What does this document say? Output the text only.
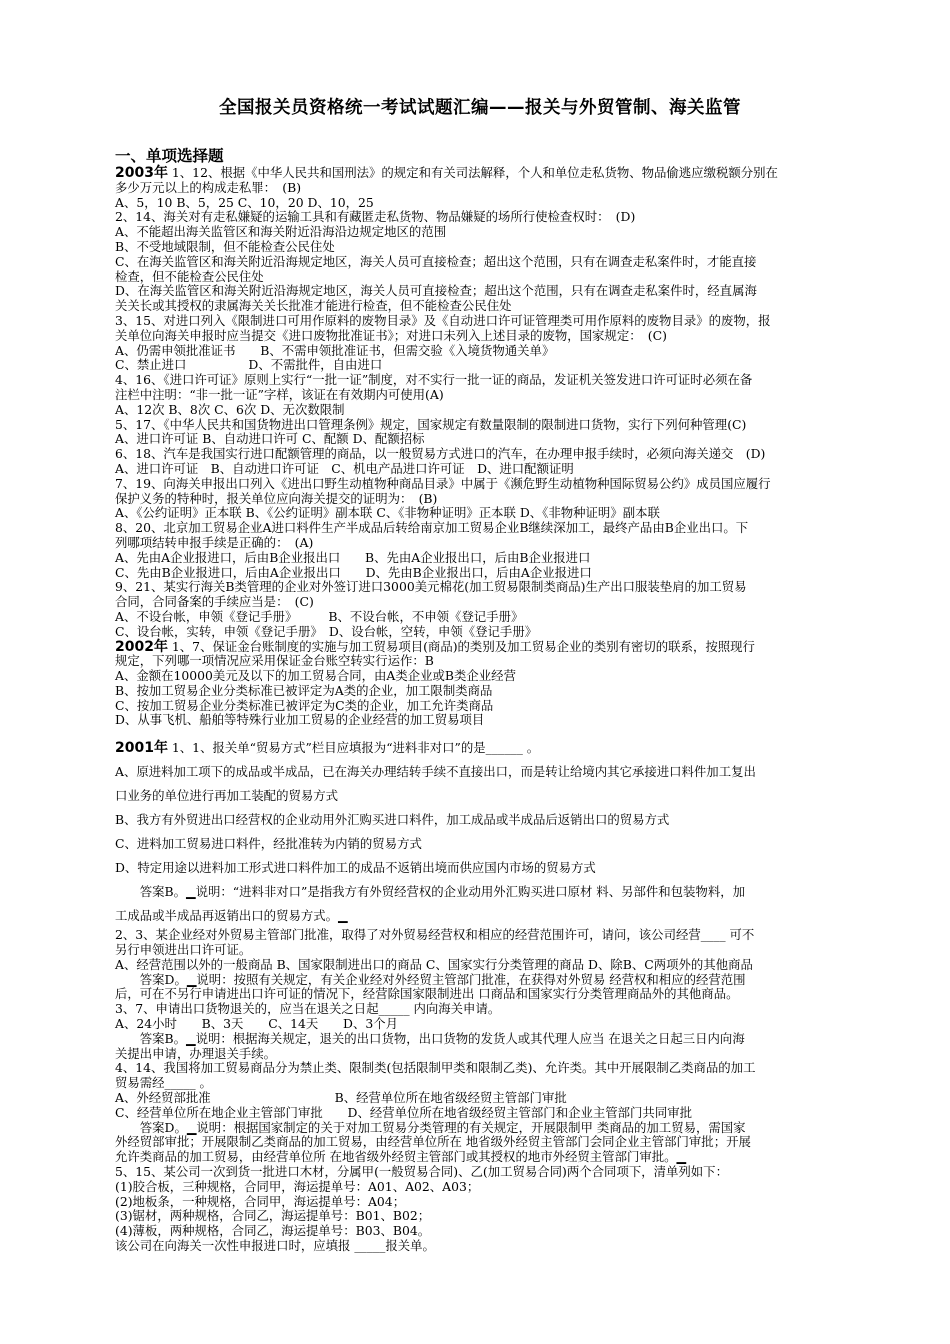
全国报关员资格统一考试试题汇编——报关与外贸管制、海关监管
一、单项选择题
2003年 1、12、根据《中华人民共和国刑法》的规定和有关司法解释，个人和单位走私货物、物品偷逃应缴税额分别在
多少万元以上的构成走私罪：　(B)
A、5，10 B、5，25 C、10，20 D、10，25
2、14、海关对有走私嫌疑的运输工具和有藏匿走私货物、物品嫌疑的场所行使检查权时：　(D)
A、不能超出海关监管区和海关附近沿海沿边规定地区的范围
B、不受地域限制，但不能检查公民住处
C、在海关监管区和海关附近沿海规定地区，海关人员可直接检查；超出这个范围，只有在调查走私案件时，才能直接
检查，但不能检查公民住处
D、在海关监管区和海关附近沿海规定地区，海关人员可直接检查；超出这个范围，只有在调查走私案件时，经直属海
关关长或其授权的隶属海关关长批准才能进行检查，但不能检查公民住处
3、15、对进口列入《限制进口可用作原料的废物目录》及《自动进口许可证管理类可用作原料的废物目录》的废物，报
关单位向海关申报时应当提交《进口废物批准证书》；对进口未列入上述目录的废物，国家规定：　(C)
A、仍需申领批准证书　　B、不需申领批准证书，但需交验《入境货物通关单》
C、禁止进口　　　　　D、不需批件，自由进口
4、16、《进口许可证》原则上实行“一批一证”制度，对不实行一批一证的商品，发证机关签发进口许可证时必须在备
注栏中注明：“非一批一证”字样，该证在有效期内可使用(A)
A、12次 B、8次 C、6次 D、无次数限制
5、17、《中华人民共和国货物进出口管理条例》规定，国家规定有数量限制的限制进口货物，实行下列何种管理(C)
A、进口许可证 B、自动进口许可 C、配额 D、配额招标
6、18、汽车是我国实行进口配额管理的商品，以一般贸易方式进口的汽车，在办理申报手续时，必须向海关递交　(D)
A、进口许可证　B、自动进口许可证　C、机电产品进口许可证　D、进口配额证明
7、19、向海关申报出口列入《进出口野生动植物种商品目录》中属于《濒危野生动植物种国际贸易公约》成员国应履行
保护义务的特种时，报关单位应向海关提交的证明为：　(B)
A、《公约证明》正本联 B、《公约证明》副本联 C、《非物种证明》正本联 D、《非物种证明》副本联
8、20、北京加工贸易企业A进口料件生产半成品后转给南京加工贸易企业B继续深加工，最终产品由B企业出口。下
列哪项结转申报手续是正确的：　(A)
A、先由A企业报进口，后由B企业报出口　　B、先由A企业报出口，后由B企业报进口
C、先由B企业报进口，后由A企业报出口　　D、先由B企业报出口，后由A企业报进口
9、21、某实行海关B类管理的企业对外签订进口3000美元棉花(加工贸易限制类商品)生产出口服装垫肩的加工贸易
合同，合同备案的手续应当是：　(C)
A、不设台帐，申领《登记手册》　　　B、不设台帐，不申领《登记手册》
C、设台帐，实转，申领《登记手册》　D、设台帐，空转，申领《登记手册》
2002年 1、7、保证金台账制度的实施与加工贸易项目(商品)的类别及加工贸易企业的类别有密切的联系，按照现行
规定，下列哪一项情况应采用保证金台账空转实行运作：B
A、金额在10000美元及以下的加工贸易合同，由A类企业或B类企业经营
B、按加工贸易企业分类标准已被评定为A类的企业，加工限制类商品
C、按加工贸易企业分类标准已被评定为C类的企业，加工允许类商品
D、从事飞机、船舶等特殊行业加工贸易的企业经营的加工贸易项目
2001年 1、1、报关单“贸易方式”栏目应填报为“进料非对口”的是______ 。
A、原进料加工项下的成品或半成品，已在海关办理结转手续不直接出口，而是转让给境内其它承接进口料件加工复出
口业务的单位进行再加工装配的贸易方式
B、我方有外贸进出口经营权的企业动用外汇购买进口料件，加工成品或半成品后返销出口的贸易方式
C、进料加工贸易进口料件，经批准转为内销的贸易方式
D、特定用途以进料加工形式进口料件加工的成品不返销出境而供应国内市场的贸易方式
　　答案B。▁说明：“进料非对口”是指我方有外贸经营权的企业动用外汇购买进口原材 料、另部件和包装物料，加
工成品或半成品再返销出口的贸易方式。▁
2、3、某企业经对外贸易主管部门批准，取得了对外贸易经营权和相应的经营范围许可，请问，该公司经营____ 可不
另行申领进出口许可证。
A、经营范围以外的一般商品 B、国家限制进出口的商品 C、国家实行分类管理的商品 D、除B、C两项外的其他商品
　　答案D。▁说明：按照有关规定，有关企业经对外经贸主管部门批准，在获得对外贸易 经营权和相应的经营范围
后，可在不另行申请进出口许可证的情况下，经营除国家限制进出 口商品和国家实行分类管理商品外的其他商品。
3、7、申请出口货物退关的，应当在退关之日起_____ 内向海关申请。
A、24小时　　B、3天　　C、14天　　D、3个月
　　答案B。▁说明：根据海关规定，退关的出口货物，出口货物的发货人或其代理人应当 在退关之日起三日内向海
关提出申请，办理退关手续。
4、14、我国将加工贸易商品分为禁止类、限制类(包括限制甲类和限制乙类)、允许类。其中开展限制乙类商品的加工
贸易需经_____ 。
A、外经贸部批准　　　　　　　　　　B、经营单位所在地省级经贸主管部门审批
C、经营单位所在地企业主管部门审批　　D、经营单位所在地省级经贸主管部门和企业主管部门共同审批
　　答案D。▁说明：根据国家制定的关于对加工贸易分类管理的有关规定，开展限制甲 类商品的加工贸易，需国家
外经贸部审批；开展限制乙类商品的加工贸易，由经营单位所在 地省级外经贸主管部门会同企业主管部门审批；开展
允许类商品的加工贸易，由经营单位所 在地省级外经贸主管部门或其授权的地市外经贸主管部门审批。▁
5、15、某公司一次到货一批进口木材，分属甲(一般贸易合同)、乙(加工贸易合同)两个合同项下，清单列如下：
(1)胶合板，三种规格，合同甲，海运提单号：A01、A02、A03；
(2)地板条，一种规格，合同甲，海运提单号：A04；
(3)锯材，两种规格，合同乙，海运提单号：B01、B02；
(4)薄板，两种规格，合同乙，海运提单号：B03、B04。
该公司在向海关一次性申报进口时，应填报 _____报关单。
